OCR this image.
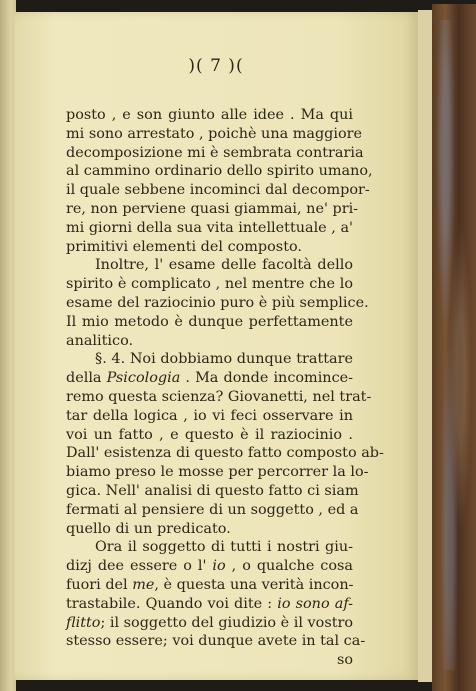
)( 7 )(
posto , e son giunto alle idee . Ma qui
mi sono arrestato , poichè una maggiore
decomposizione mi è sembrata contraria
al cammino ordinario dello spirito umano,
il quale sebbene incominci dal decompor-
re, non perviene quasi giammai, ne' pri-
mi giorni della sua vita intellettuale , a'
primitivi elementi del composto.
Inoltre, l' esame delle facoltà dello
spirito è complicato , nel mentre che lo
esame del raziocinio puro è più semplice.
Il mio metodo è dunque perfettamente
analitico.
§. 4. Noi dobbiamo dunque trattare
della Psicologia . Ma donde incomince-
remo questa scienza? Giovanetti, nel trat-
tar della logica , io vi feci osservare in
voi un fatto , e questo è il raziocinio .
Dall' esistenza di questo fatto composto ab-
biamo preso le mosse per percorrer la lo-
gica. Nell' analisi di questo fatto ci siam
fermati al pensiere di un soggetto , ed a
quello di un predicato.
Ora il soggetto di tutti i nostri giu-
dizj dee essere o l' io , o qualche cosa
fuori del me, è questa una verità incon-
trastabile. Quando voi dite : io sono af-
flitto; il soggetto del giudizio è il vostro
stesso essere; voi dunque avete in tal ca-
so
